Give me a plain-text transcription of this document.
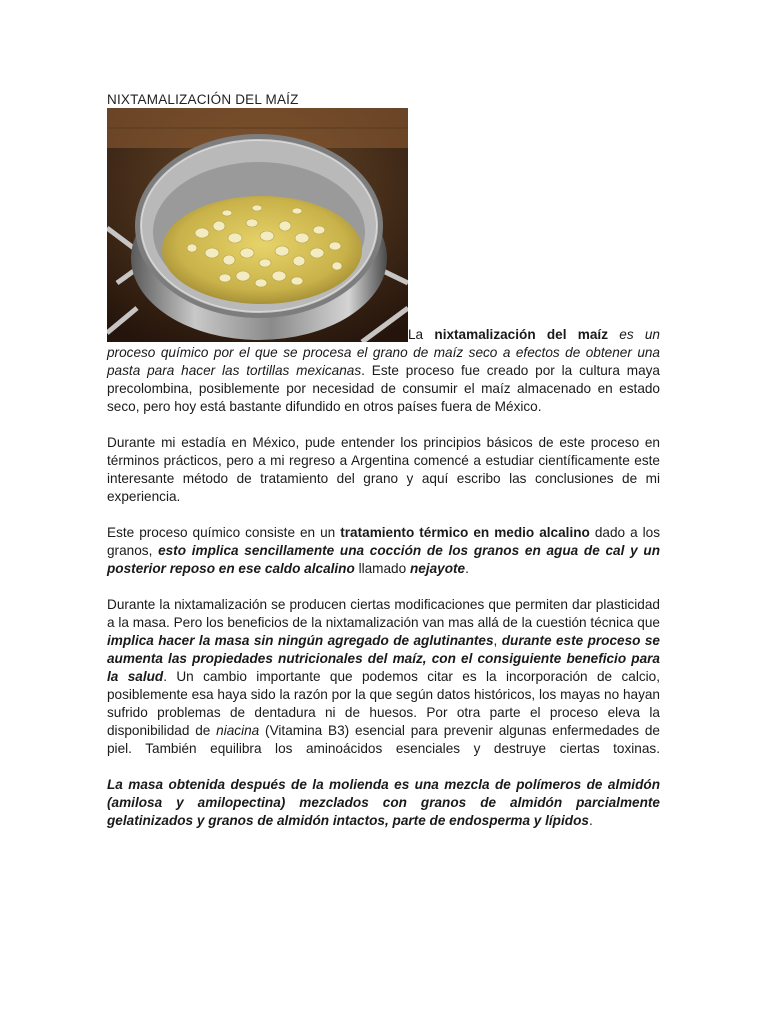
NIXTAMALIZACIÓN DEL MAÍZ

La nixtamalización del maíz es un proceso químico por el que se procesa el grano de maíz seco a efectos de obtener una pasta para hacer las tortillas mexicanas. Este proceso fue creado por la cultura maya precolombina, posiblemente por necesidad de consumir el maíz almacenado en estado seco, pero hoy está bastante difundido en otros países fuera de México.

Durante mi estadía en México, pude entender los principios básicos de este proceso en términos prácticos, pero a mi regreso a Argentina comencé a estudiar científicamente este interesante método de tratamiento del grano y aquí escribo las conclusiones de mi experiencia.

Este proceso químico consiste en un tratamiento térmico en medio alcalino dado a los granos, esto implica sencillamente una cocción de los granos en agua de cal y un posterior reposo en ese caldo alcalino llamado nejayote.

Durante la nixtamalización se producen ciertas modificaciones que permiten dar plasticidad a la masa. Pero los beneficios de la nixtamalización van mas allá de la cuestión técnica que implica hacer la masa sin ningún agregado de aglutinantes, durante este proceso se aumenta las propiedades nutricionales del maíz, con el consiguiente beneficio para la salud. Un cambio importante que podemos citar es la incorporación de calcio, posiblemente esa haya sido la razón por la que según datos históricos, los mayas no hayan sufrido problemas de dentadura ni de huesos. Por otra parte el proceso eleva la disponibilidad de niacina (Vitamina B3) esencial para prevenir algunas enfermedades de piel. También equilibra los aminoácidos esenciales y destruye ciertas toxinas.

La masa obtenida después de la molienda es una mezcla de polímeros de almidón (amilosa y amilopectina) mezclados con granos de almidón parcialmente gelatinizados y granos de almidón intactos, parte de endosperma y lípidos.
